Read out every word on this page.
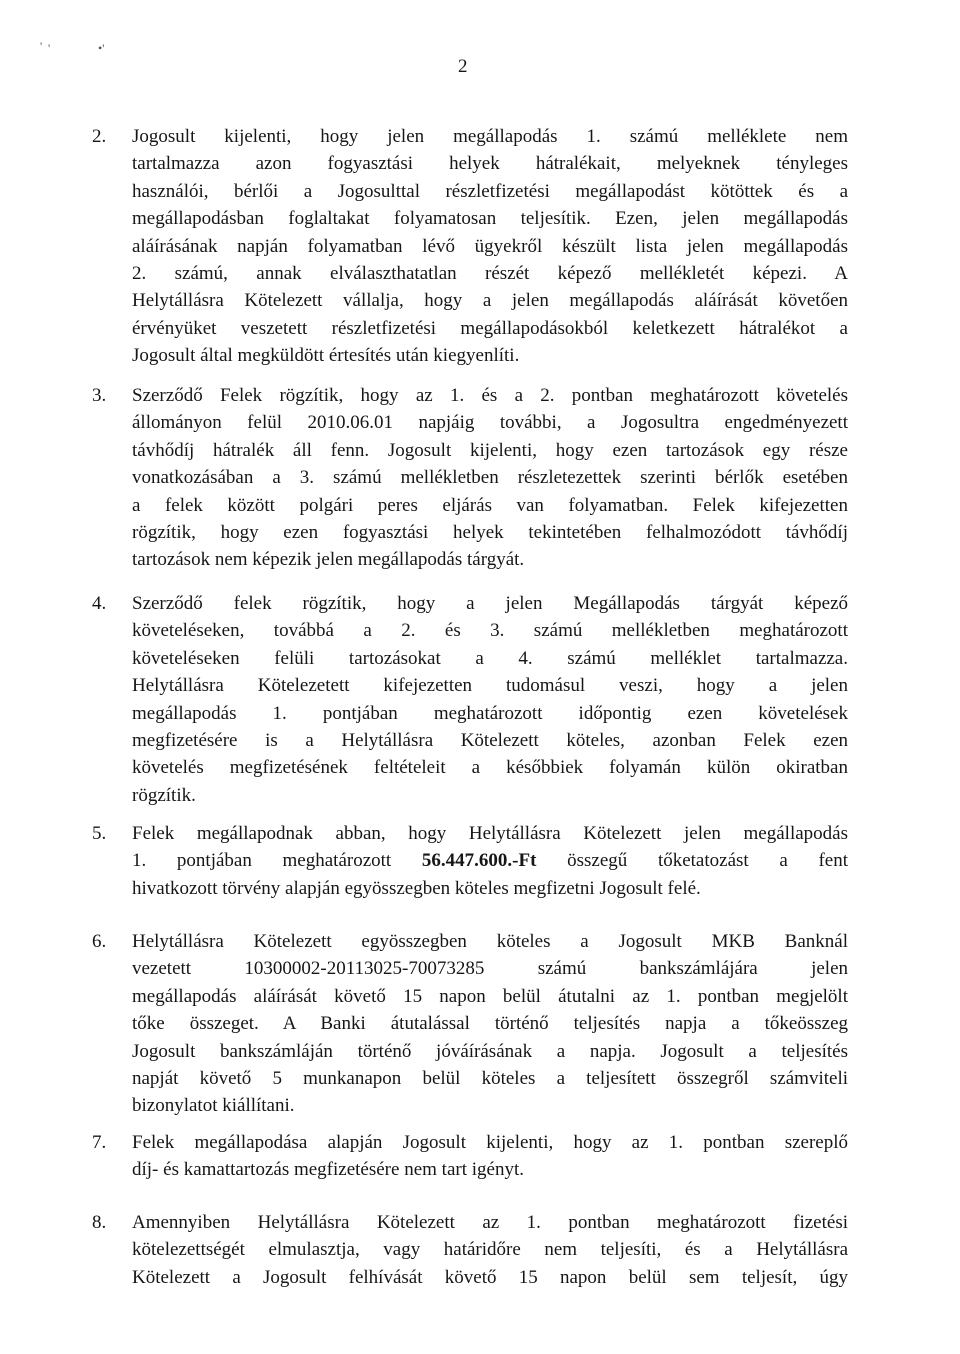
' '	•'
2
2. Jogosult kijelenti, hogy jelen megállapodás 1. számú melléklete nem
tartalmazza azon fogyasztási helyek hátralékait, melyeknek tényleges
használói, bérlői a Jogosulttal részletfizetési megállapodást kötöttek és a
megállapodásban foglaltakat folyamatosan teljesítik. Ezen, jelen megállapodás
aláírásának napján folyamatban lévő ügyekről készült lista jelen megállapodás
2. számú, annak elválaszthatatlan részét képező mellékletét képezi. A
Helytállásra Kötelezett vállalja, hogy a jelen megállapodás aláírását követően
érvényüket veszetett részletfizetési megállapodásokból keletkezett hátralékot a
Jogosult által megküldött értesítés után kiegyenlíti.
3. Szerződő Felek rögzítik, hogy az 1. és a 2. pontban meghatározott követelés
állományon felül 2010.06.01 napjáig további, a Jogosultra engedményezett
távhődíj hátralék áll fenn. Jogosult kijelenti, hogy ezen tartozások egy része
vonatkozásában a 3. számú mellékletben részletezettek szerinti bérlők esetében
a felek között polgári peres eljárás van folyamatban. Felek kifejezetten
rögzítik, hogy ezen fogyasztási helyek tekintetében felhalmozódott távhődíj
tartozások nem képezik jelen megállapodás tárgyát.
4. Szerződő felek rögzítik, hogy a jelen Megállapodás tárgyát képező
követeléseken, továbbá a 2. és 3. számú mellékletben meghatározott
követeléseken felüli tartozásokat a 4. számú melléklet tartalmazza.
Helytállásra Kötelezetett kifejezetten tudomásul veszi, hogy a jelen
megállapodás 1. pontjában meghatározott időpontig ezen követelések
megfizetésére is a Helytállásra Kötelezett köteles, azonban Felek ezen
követelés megfizetésének feltételeit a későbbiek folyamán külön okiratban
rögzítik.
5. Felek megállapodnak abban, hogy Helytállásra Kötelezett jelen megállapodás
1. pontjában meghatározott 56.447.600.-Ft összegű tőketatozást a fent
hivatkozott törvény alapján egyösszegben köteles megfizetni Jogosult felé.
6. Helytállásra Kötelezett egyösszegben köteles a Jogosult MKB Banknál
vezetett 10300002-20113025-70073285 számú bankszámlájára jelen
megállapodás aláírását követő 15 napon belül átutalni az 1. pontban megjelölt
tőke összeget. A Banki átutalással történő teljesítés napja a tőkeösszeg
Jogosult bankszámláján történő jóváírásának a napja. Jogosult a teljesítés
napját követő 5 munkanapon belül köteles a teljesített összegről számviteli
bizonylatot kiállítani.
7. Felek megállapodása alapján Jogosult kijelenti, hogy az 1. pontban szereplő
díj- és kamattartozás megfizetésére nem tart igényt.
8. Amennyiben Helytállásra Kötelezett az 1. pontban meghatározott fizetési
kötelezettségét elmulasztja, vagy határidőre nem teljesíti, és a Helytállásra
Kötelezett a Jogosult felhívását követő 15 napon belül sem teljesít, úgy
